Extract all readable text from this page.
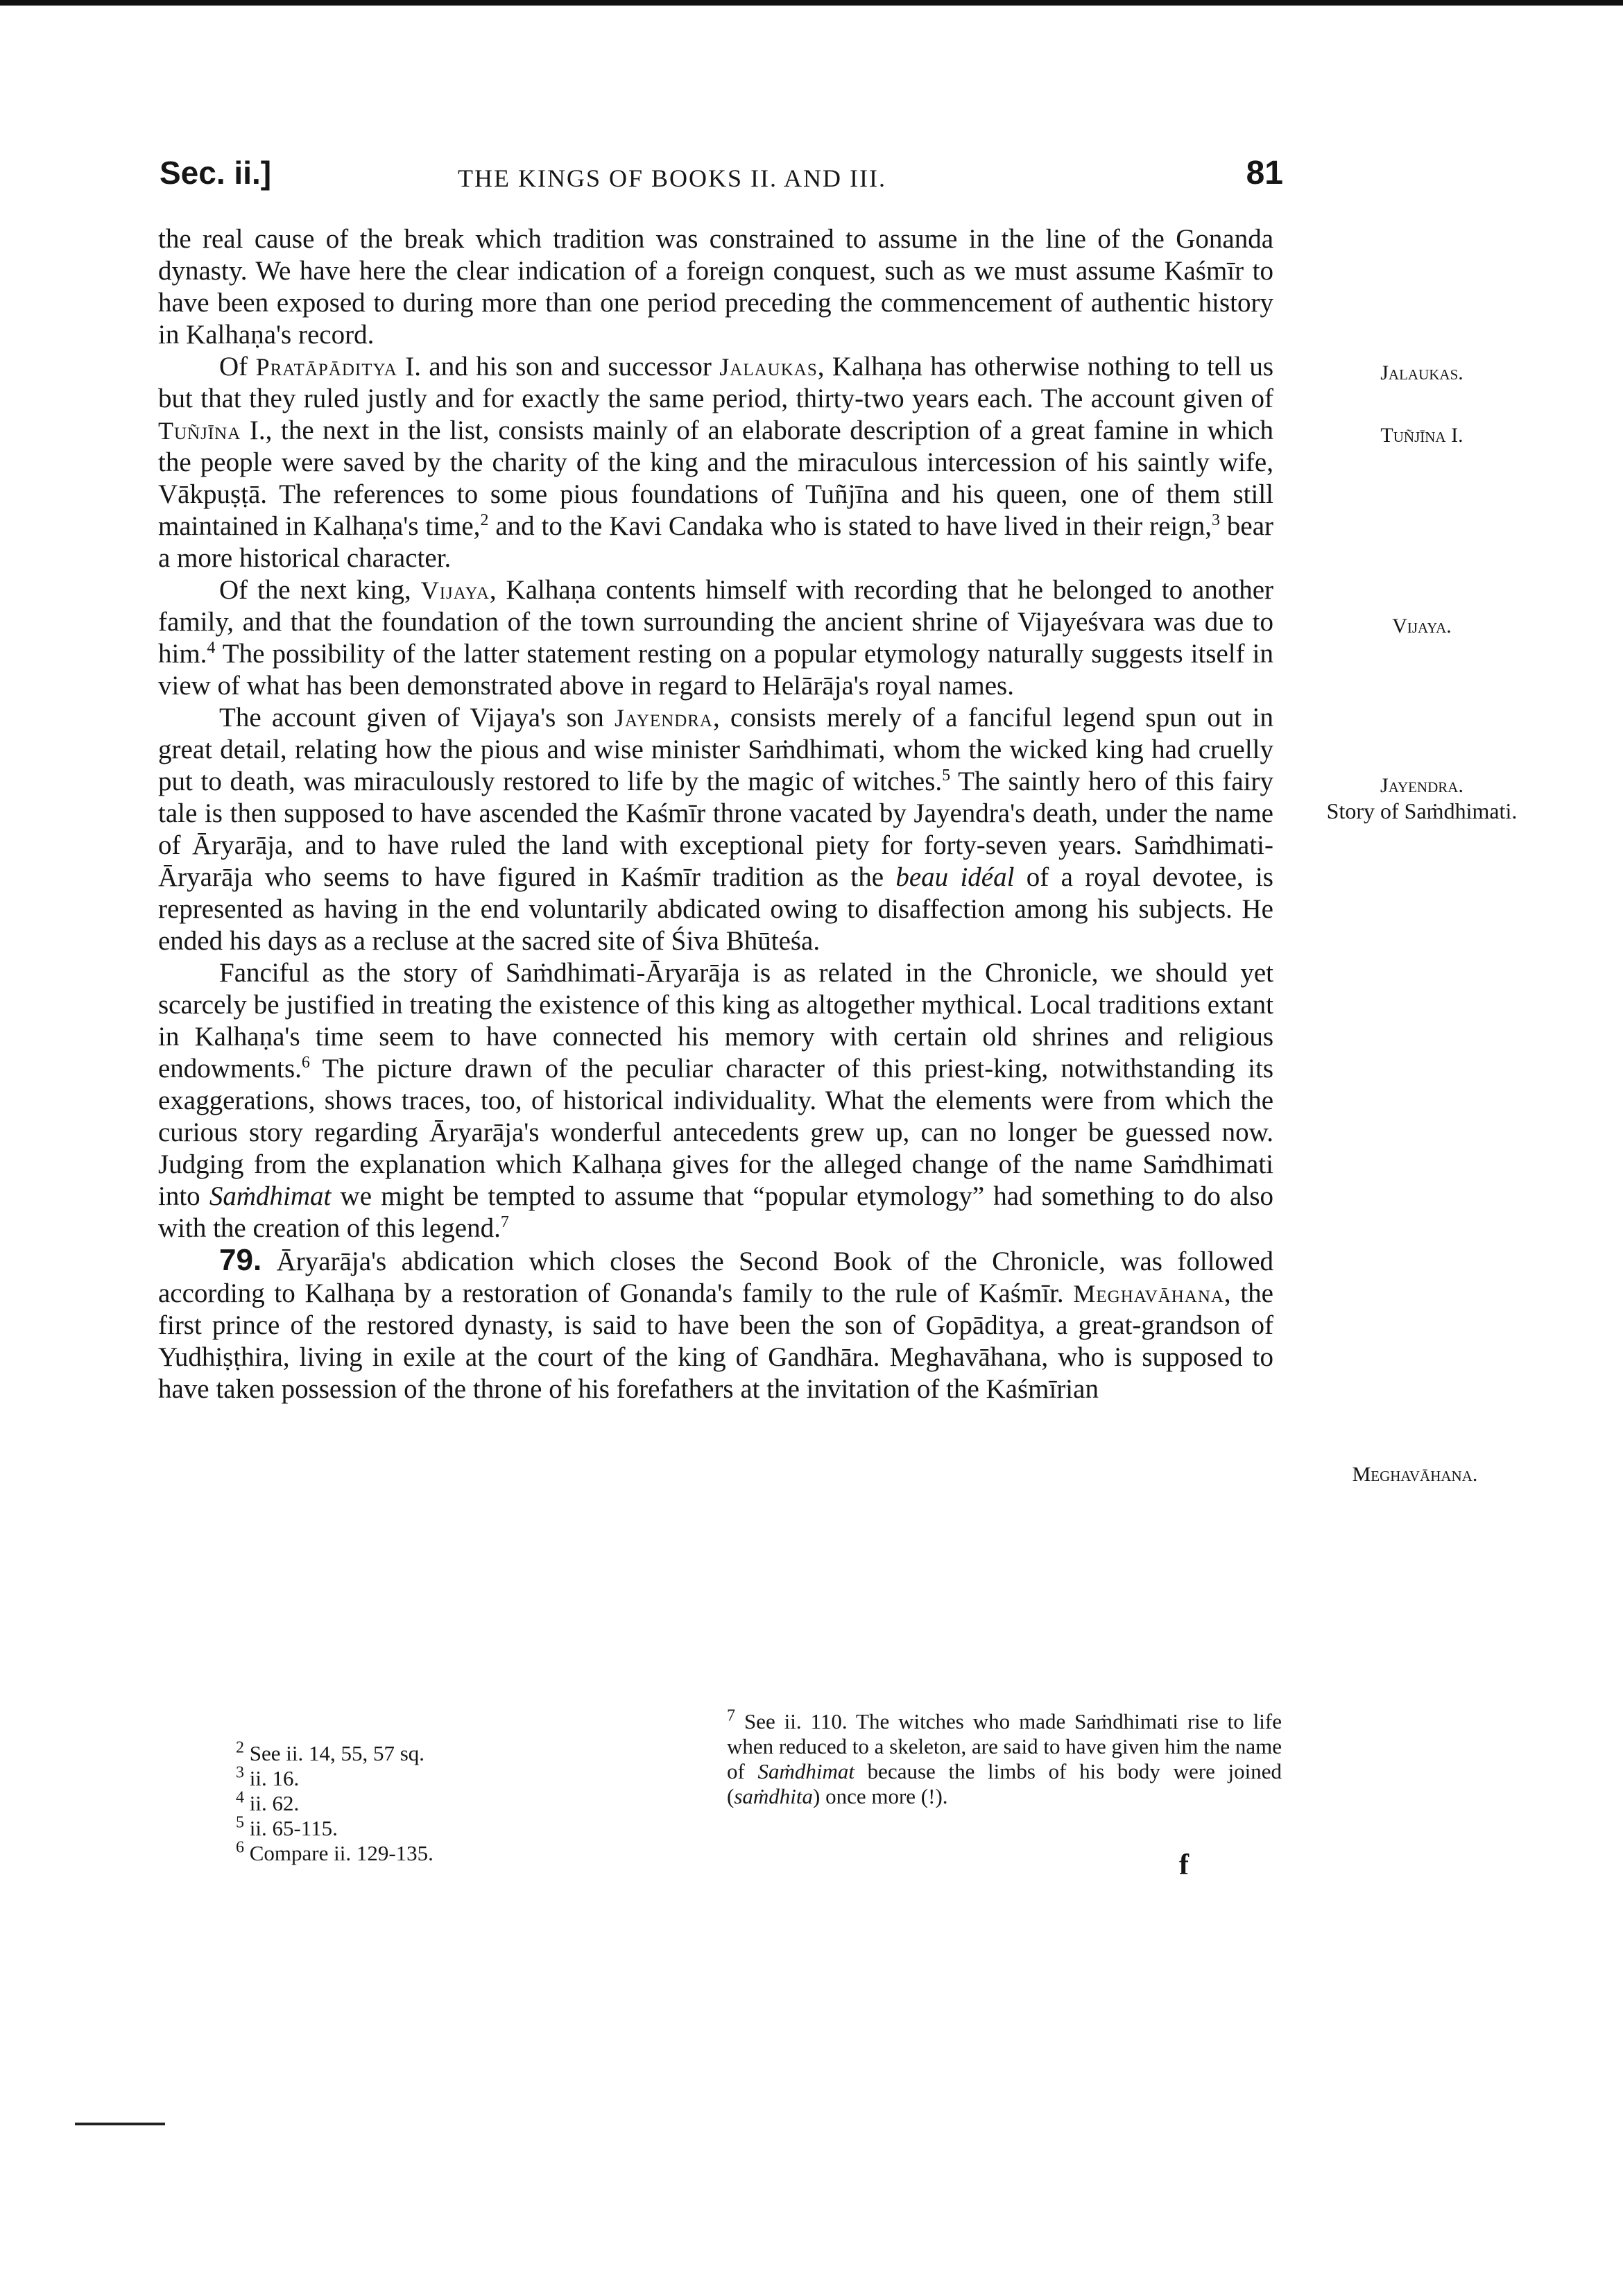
Sec. ii.]	THE KINGS OF BOOKS II. AND III.	81

the real cause of the break which tradition was constrained to assume in the line of the Gonanda dynasty. We have here the clear indication of a foreign conquest, such as we must assume Kaśmīr to have been exposed to during more than one period preceding the commencement of authentic history in Kalhaṇa's record.

Of Pratāpāditya I. and his son and successor Jalaukas, Kalhaṇa has otherwise nothing to tell us but that they ruled justly and for exactly the same period, thirty-two years each. The account given of Tuñjīna I., the next in the list, consists mainly of an elaborate description of a great famine in which the people were saved by the charity of the king and the miraculous intercession of his saintly wife, Vākpuṣṭā. The references to some pious foundations of Tuñjīna and his queen, one of them still maintained in Kalhaṇa's time,$^2$ and to the Kavi Candaka who is stated to have lived in their reign,$^3$ bear a more historical character.

Of the next king, Vijaya, Kalhaṇa contents himself with recording that he belonged to another family, and that the foundation of the town surrounding the ancient shrine of Vijayeśvara was due to him.$^4$ The possibility of the latter statement resting on a popular etymology naturally suggests itself in view of what has been demonstrated above in regard to Helārāja's royal names.

The account given of Vijaya's son Jayendra, consists merely of a fanciful legend spun out in great detail, relating how the pious and wise minister Saṁdhimati, whom the wicked king had cruelly put to death, was miraculously restored to life by the magic of witches.$^5$ The saintly hero of this fairy tale is then supposed to have ascended the Kaśmīr throne vacated by Jayendra's death, under the name of Āryarāja, and to have ruled the land with exceptional piety for forty-seven years. Saṁdhimati-Āryarāja who seems to have figured in Kaśmīr tradition as the beau idéal of a royal devotee, is represented as having in the end voluntarily abdicated owing to disaffection among his subjects. He ended his days as a recluse at the sacred site of Śiva Bhūteśa.

Fanciful as the story of Saṁdhimati-Āryarāja is as related in the Chronicle, we should yet scarcely be justified in treating the existence of this king as altogether mythical. Local traditions extant in Kalhaṇa's time seem to have connected his memory with certain old shrines and religious endowments.$^6$ The picture drawn of the peculiar character of this priest-king, notwithstanding its exaggerations, shows traces, too, of historical individuality. What the elements were from which the curious story regarding Āryarāja's wonderful antecedents grew up, can no longer be guessed now. Judging from the explanation which Kalhaṇa gives for the alleged change of the name Saṁdhimati into Saṁdhimat we might be tempted to assume that “popular etymology” had something to do also with the creation of this legend.$^7$

79. Āryarāja's abdication which closes the Second Book of the Chronicle, was followed according to Kalhaṇa by a restoration of Gonanda's family to the rule of Kaśmīr. Meghavāhana, the first prince of the restored dynasty, is said to have been the son of Gopāditya, a great-grandson of Yudhiṣṭhira, living in exile at the court of the king of Gandhāra. Meghavāhana, who is supposed to have taken possession of the throne of his forefathers at the invitation of the Kaśmīrian

Jalaukas.
Tuñjīna I.
Vijaya.
Jayendra.
Story of Saṁdhimati.
Meghavāhana.
$^2$ See ii. 14, 55, 57 sq.
$^3$ ii. 16.
$^4$ ii. 62.
$^5$ ii. 65-115.
$^6$ Compare ii. 129-135.
$^7$ See ii. 110. The witches who made Saṁdhimati rise to life when reduced to a skeleton, are said to have given him the name of Saṁdhimat because the limbs of his body were joined (saṁdhita) once more (!).
f
